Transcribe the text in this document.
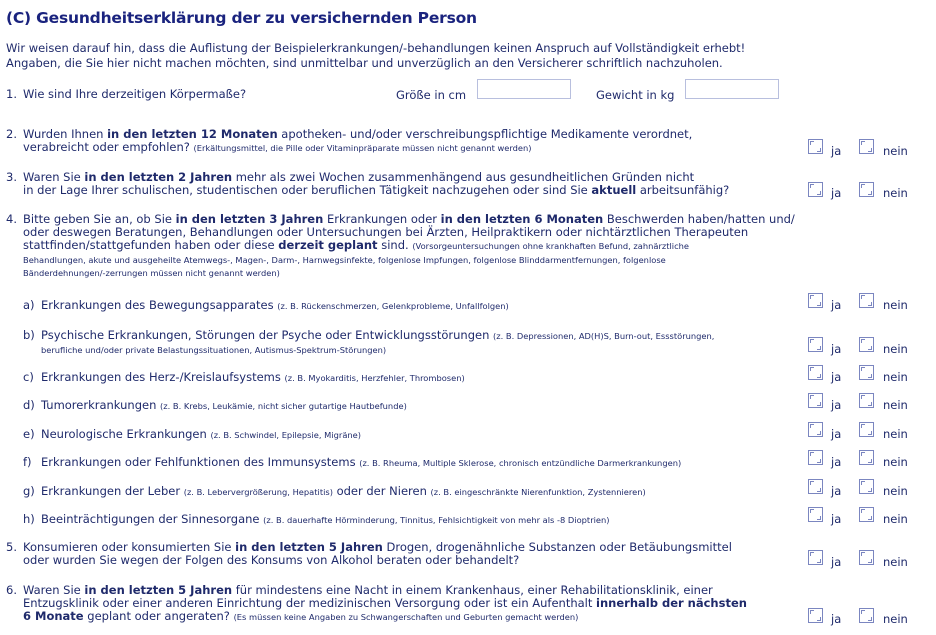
(C) Gesundheitserklärung der zu versichernden Person
Wir weisen darauf hin, dass die Auflistung der Beispielerkrankungen/-behandlungen keinen Anspruch auf Vollständigkeit erhebt!
Angaben, die Sie hier nicht machen möchten, sind unmittelbar und unverzüglich an den Versicherer schriftlich nachzuholen.
1. Wie sind Ihre derzeitigen Körpermaße?	Größe in cm	Gewicht in kg
2. Wurden Ihnen in den letzten 12 Monaten apotheken- und/oder verschreibungspflichtige Medikamente verordnet,
verabreicht oder empfohlen? (Erkältungsmittel, die Pille oder Vitaminpräparate müssen nicht genannt werden)	ja	nein
3. Waren Sie in den letzten 2 Jahren mehr als zwei Wochen zusammenhängend aus gesundheitlichen Gründen nicht
in der Lage Ihrer schulischen, studentischen oder beruflichen Tätigkeit nachzugehen oder sind Sie aktuell arbeitsunfähig?	ja	nein
4. Bitte geben Sie an, ob Sie in den letzten 3 Jahren Erkrankungen oder in den letzten 6 Monaten Beschwerden haben/hatten und/
oder deswegen Beratungen, Behandlungen oder Untersuchungen bei Ärzten, Heilpraktikern oder nichtärztlichen Therapeuten
stattfinden/stattgefunden haben oder diese derzeit geplant sind. (Vorsorgeuntersuchungen ohne krankhaften Befund, zahnärztliche
Behandlungen, akute und ausgeheilte Atemwegs-, Magen-, Darm-, Harnwegsinfekte, folgenlose Impfungen, folgenlose Blinddarmentfernungen, folgenlose
Bänderdehnungen/-zerrungen müssen nicht genannt werden)
a) Erkrankungen des Bewegungsapparates (z. B. Rückenschmerzen, Gelenkprobleme, Unfallfolgen)	ja	nein
b) Psychische Erkrankungen, Störungen der Psyche oder Entwicklungsstörungen (z. B. Depressionen, AD(H)S, Burn-out, Essstörungen,
berufliche und/oder private Belastungssituationen, Autismus-Spektrum-Störungen)	ja	nein
c) Erkrankungen des Herz-/Kreislaufsystems (z. B. Myokarditis, Herzfehler, Thrombosen)	ja	nein
d) Tumorerkrankungen (z. B. Krebs, Leukämie, nicht sicher gutartige Hautbefunde)	ja	nein
e) Neurologische Erkrankungen (z. B. Schwindel, Epilepsie, Migräne)	ja	nein
f) Erkrankungen oder Fehlfunktionen des Immunsystems (z. B. Rheuma, Multiple Sklerose, chronisch entzündliche Darmerkrankungen)	ja	nein
g) Erkrankungen der Leber (z. B. Lebervergrößerung, Hepatitis) oder der Nieren (z. B. eingeschränkte Nierenfunktion, Zystennieren)	ja	nein
h) Beeinträchtigungen der Sinnesorgane (z. B. dauerhafte Hörminderung, Tinnitus, Fehlsichtigkeit von mehr als -8 Dioptrien)	ja	nein
5. Konsumieren oder konsumierten Sie in den letzten 5 Jahren Drogen, drogenähnliche Substanzen oder Betäubungsmittel
oder wurden Sie wegen der Folgen des Konsums von Alkohol beraten oder behandelt?	ja	nein
6. Waren Sie in den letzten 5 Jahren für mindestens eine Nacht in einem Krankenhaus, einer Rehabilitationsklinik, einer
Entzugsklinik oder einer anderen Einrichtung der medizinischen Versorgung oder ist ein Aufenthalt innerhalb der nächsten
6 Monate geplant oder angeraten? (Es müssen keine Angaben zu Schwangerschaften und Geburten gemacht werden)	ja	nein
